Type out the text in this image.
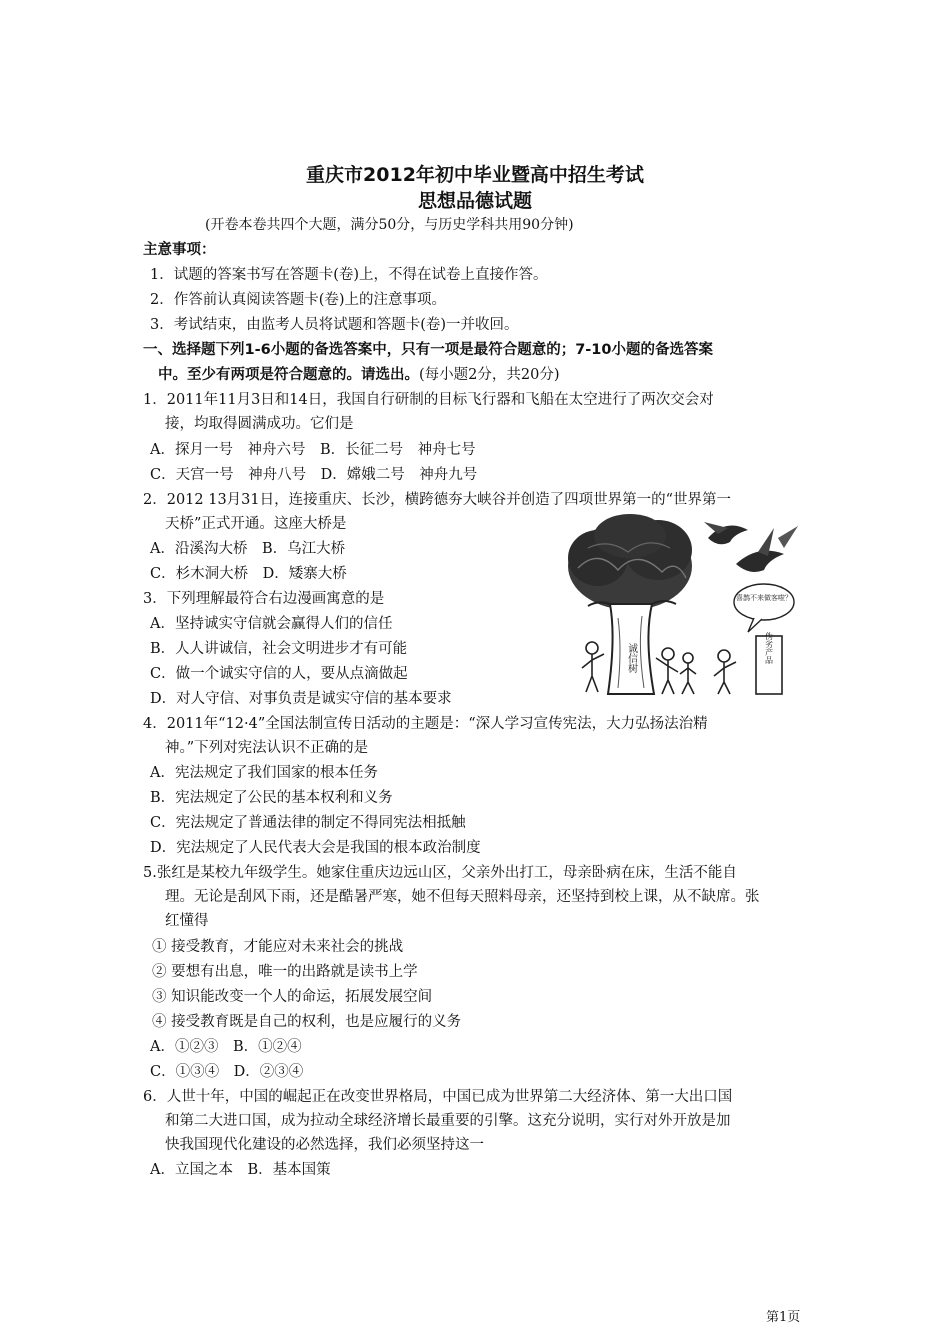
重庆市2012年初中毕业暨高中招生考试
思想品德试题
(开卷本卷共四个大题，满分50分，与历史学科共用90分钟)
主意事项：
1．试题的答案书写在答题卡(卷)上，不得在试卷上直接作答。
2．作答前认真阅读答题卡(卷)上的注意事项。
3．考试结束，由监考人员将试题和答题卡(卷)一并收回。
一、选择题下列1-6小题的备选答案中，只有一项是最符合题意的；7-10小题的备选答案
中。至少有两项是符合题意的。请选出。(每小题2分，共20分)
1．2011年11月3日和14日，我国自行研制的目标飞行器和飞船在太空进行了两次交会对
接，均取得圆满成功。它们是
A．探月一号　神舟六号　B．长征二号　神舟七号
C．天宫一号　神舟八号　D．嫦娥二号　神舟九号
2．2012 13月31日，连接重庆、长沙，横跨德夯大峡谷并创造了四项世界第一的“世界第一
天桥”正式开通。这座大桥是
A．沿溪沟大桥　B．乌江大桥
C．杉木洞大桥　D．矮寨大桥
3．下列理解最符合右边漫画寓意的是
A．坚持诚实守信就会赢得人们的信任
B．人人讲诚信，社会文明进步才有可能
C．做一个诚实守信的人，要从点滴做起
D．对人守信、对事负责是诚实守信的基本要求
诚信树
喜鹊不来做客啦？
伪劣产品
4．2011年“12·4”全国法制宣传日活动的主题是：“深人学习宣传宪法，大力弘扬法治精
神。”下列对宪法认识不正确的是
A．宪法规定了我们国家的根本任务
B．宪法规定了公民的基本权利和义务
C．宪法规定了普通法律的制定不得同宪法相抵触
D．宪法规定了人民代表大会是我国的根本政治制度
5.张红是某校九年级学生。她家住重庆边远山区，父亲外出打工，母亲卧病在床，生活不能自
理。无论是刮风下雨，还是酷暑严寒，她不但每天照料母亲，还坚持到校上课，从不缺席。张
红懂得
① 接受教育，才能应对未来社会的挑战
② 要想有出息，唯一的出路就是读书上学
③ 知识能改变一个人的命运，拓展发展空间
④ 接受教育既是自己的权利，也是应履行的义务
A．①②③　B．①②④
C．①③④　D．②③④
6．人世十年，中国的崛起正在改变世界格局，中国已成为世界第二大经济体、第一大出口国
和第二大进口国，成为拉动全球经济增长最重要的引擎。这充分说明，实行对外开放是加
快我国现代化建设的必然选择，我们必须坚持这一
A．立国之本　B．基本国策
第1页
